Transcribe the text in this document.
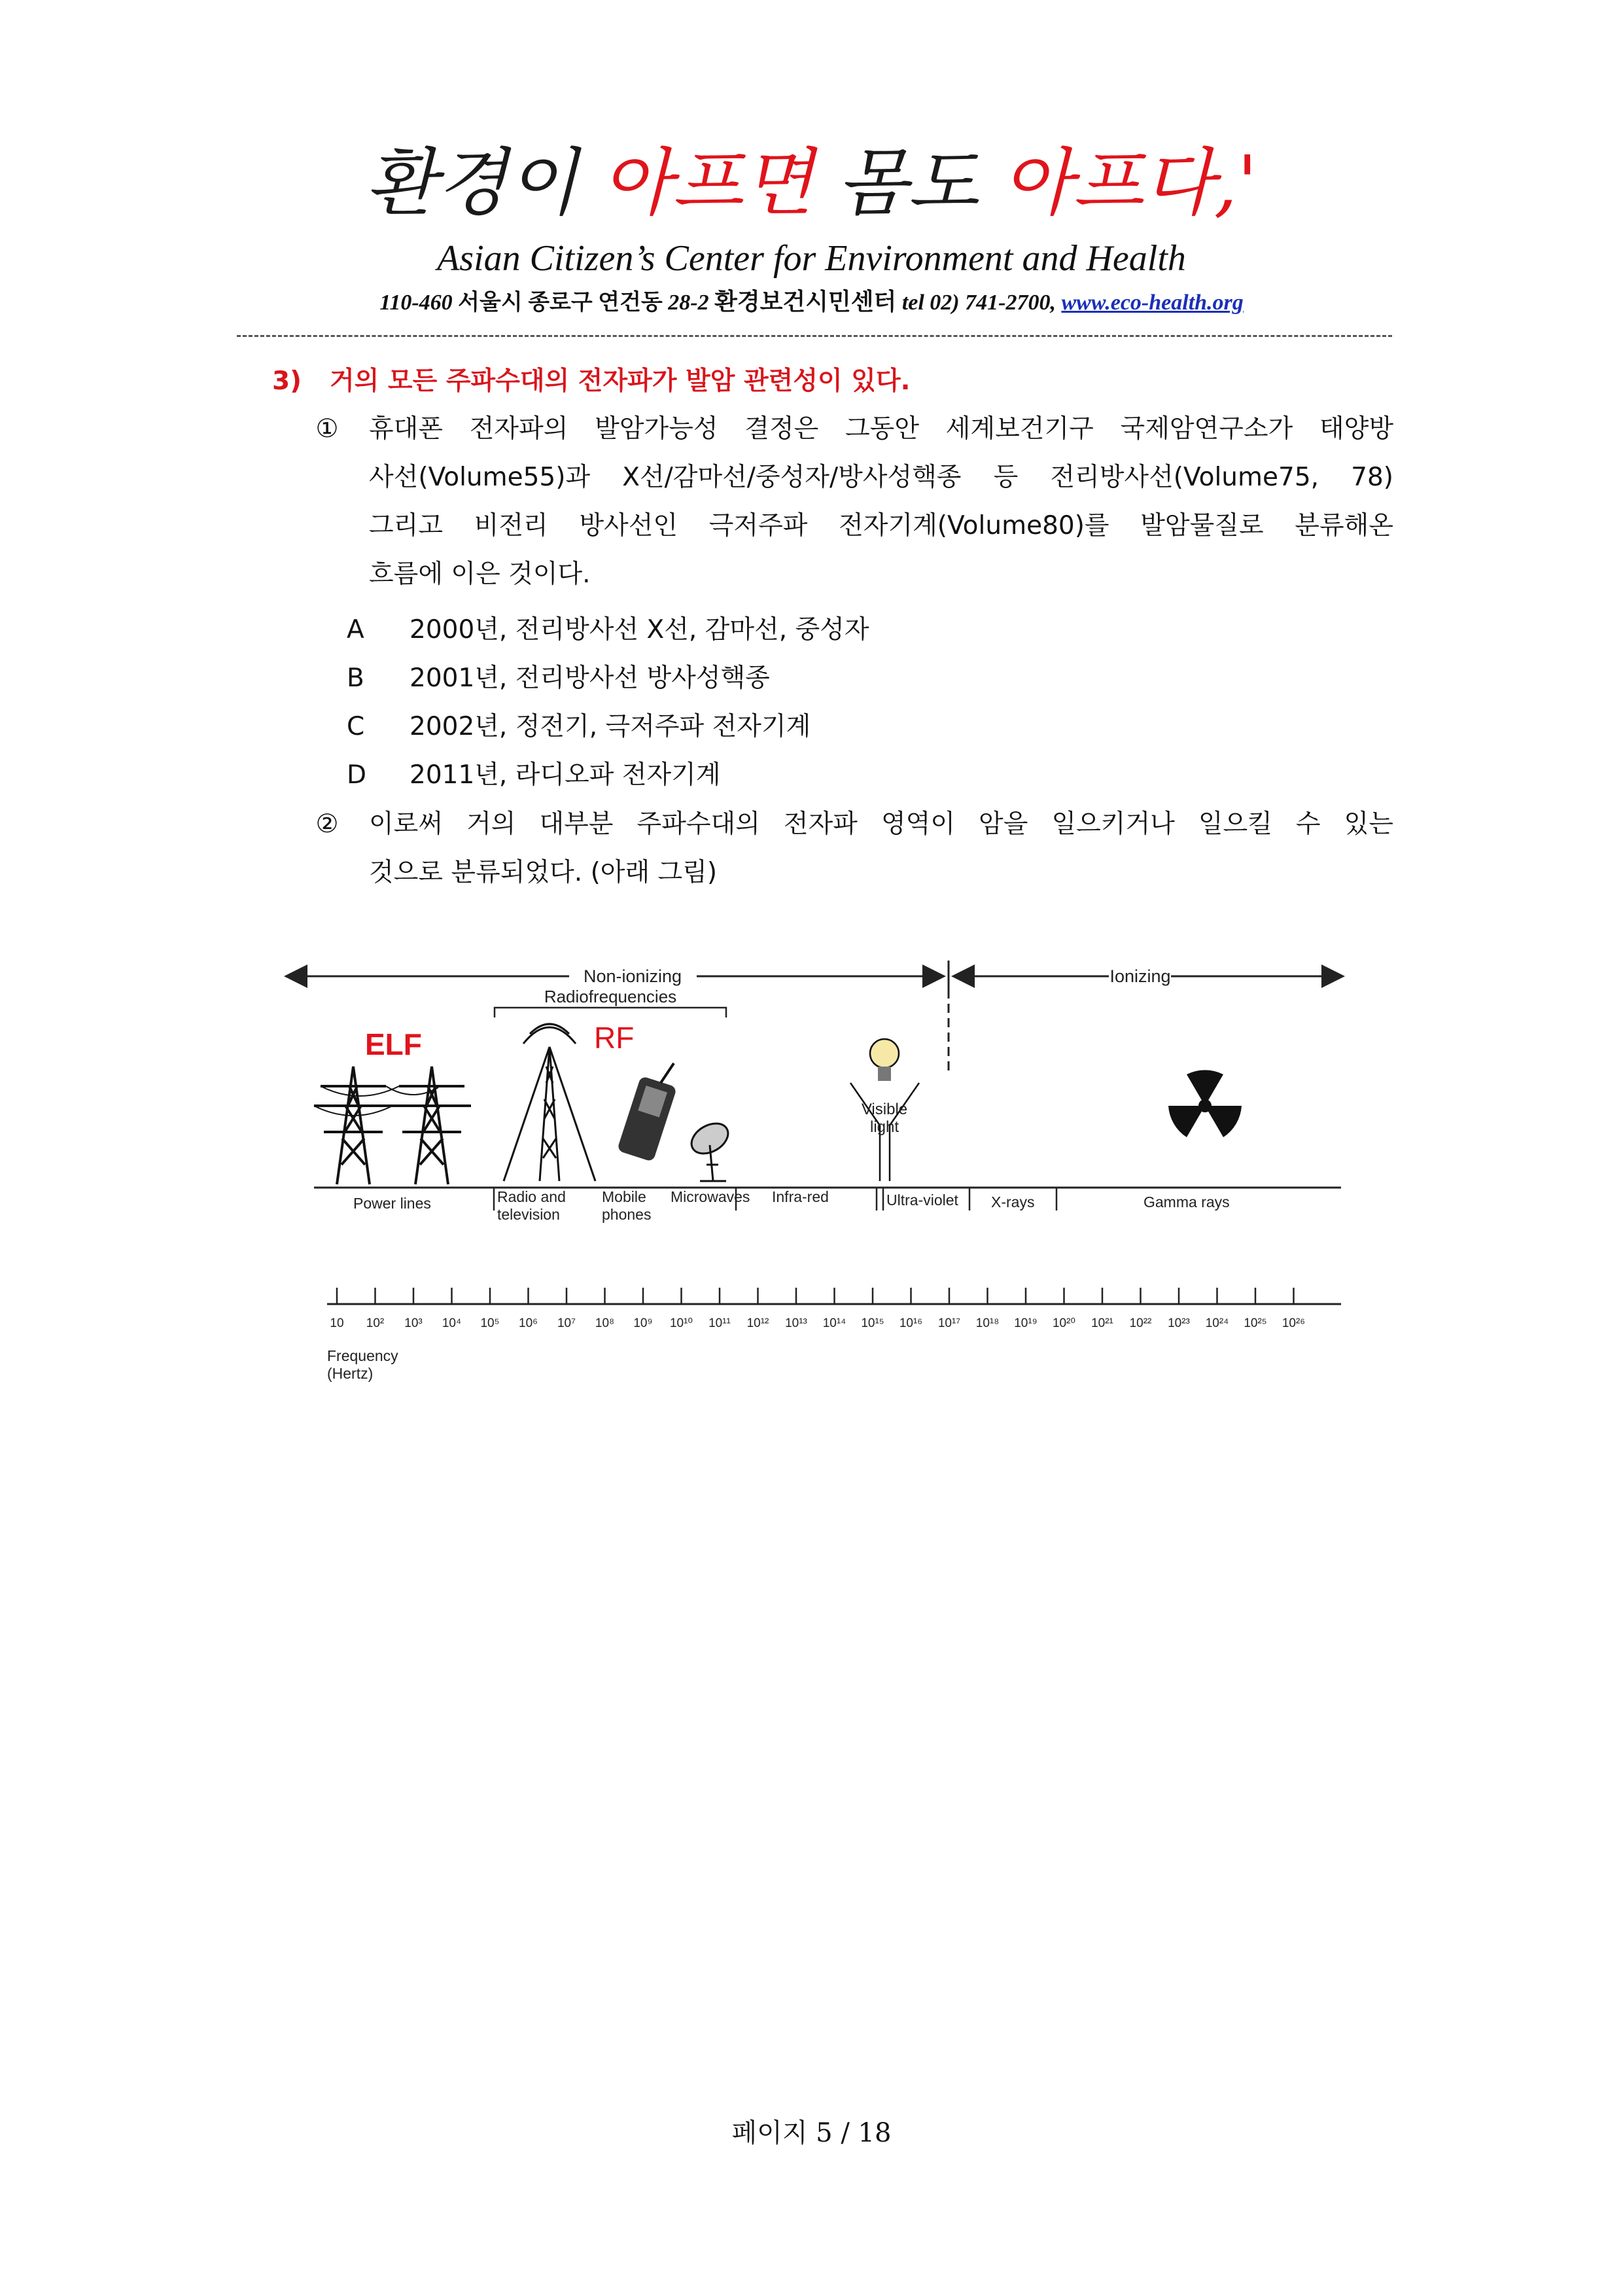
환경이 아프면 몸도 아프다,'
Asian Citizen’s Center for Environment and Health
110-460 서울시 종로구 연건동 28-2 환경보건시민센터 tel 02) 741-2700, www.eco-health.org
3) 거의 모든 주파수대의 전자파가 발암 관련성이 있다.
①	휴대폰 전자파의 발암가능성 결정은 그동안 세계보건기구 국제암연구소가 태양방
사선(Volume55)과 X선/감마선/중성자/방사성핵종 등 전리방사선(Volume75, 78)
그리고 비전리 방사선인 극저주파 전자기계(Volume80)를 발암물질로 분류해온
흐름에 이은 것이다.
A 2000년, 전리방사선 X선, 감마선, 중성자
B 2001년, 전리방사선 방사성핵종
C 2002년, 정전기, 극저주파 전자기계
D 2011년, 라디오파 전자기계
②	이로써 거의 대부분 주파수대의 전자파 영역이 암을 일으키거나 일으킬 수 있는
것으로 분류되었다. (아래 그림)
Non-ionizing	Ionizing
Radiofrequencies
ELF	RF
Visible
light
Power lines	Radio and
television
Mobile
phones
Microwaves Infra-red	Ultra-violet X-rays	Gamma rays
10 10² 10³ 10⁴ 10⁵ 10⁶ 10⁷ 10⁸ 10⁹ 10¹⁰ 10¹¹ 10¹² 10¹³ 10¹⁴ 10¹⁵ 10¹⁶ 10¹⁷ 10¹⁸ 10¹⁹ 10²⁰ 10²¹ 10²² 10²³ 10²⁴ 10²⁵ 10²⁶
Frequency
(Hertz)
페이지 5 / 18
